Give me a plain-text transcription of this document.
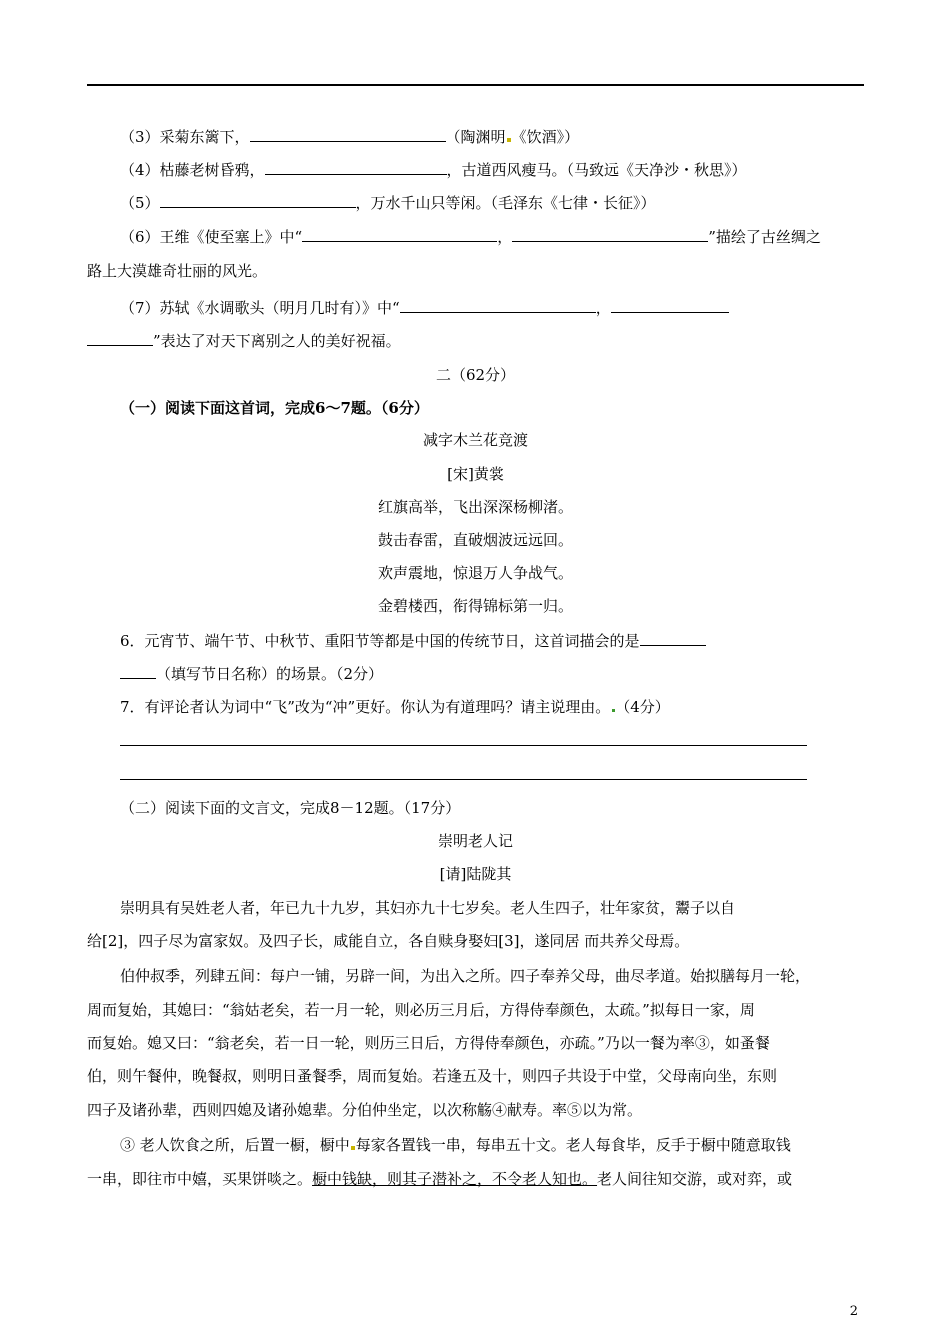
（3）采菊东篱下，	（陶渊明 《饮酒》）
（4）枯藤老树昏鸦，	，古道西风瘦马。（马致远《天净沙・秋思》）
（5）	，万水千山只等闲。（毛泽东《七律・长征》）
（6）王维《使至塞上》中“	，	”描绘了古丝绸之
路上大漠雄奇壮丽的风光。
（7）苏轼《水调歌头（明月几时有）》中“	，
”表达了对天下离别之人的美好祝福。
二（62分）
（一）阅读下面这首词，完成6～7题。（6分）
减字木兰花竞渡
[宋]黄裳
红旗高举，飞出深深杨柳渚。
鼓击春雷，直破烟波远远回。
欢声震地，惊退万人争战气。
金碧楼西，衔得锦标第一归。
6．元宵节、端午节、中秋节、重阳节等都是中国的传统节日，这首词描会的是
（填写节日名称）的场景。（2分）
7．有评论者认为词中“飞”改为“冲”更好。你认为有道理吗？请主说理由。 （4分）
（二）阅读下面的文言文，完成8－12题。（17分）
崇明老人记
[请]陆陇其
崇明具有吴姓老人者，年已九十九岁，其妇亦九十七岁矣。老人生四子，壮年家贫，鬻子以自
给[2]，四子尽为富家奴。及四子长，咸能自立，各自赎身娶妇[3]，遂同居 而共养父母焉。
伯仲叔季，列肆五间：每户一铺，另辟一间，为出入之所。四子奉养父母，曲尽孝道。始拟膳每月一轮，
周而复始，其媳曰：“翁姑老矣，若一月一轮，则必历三月后，方得侍奉颜色，太疏。”拟每日一家，周
而复始。媳又曰：“翁老矣，若一日一轮，则历三日后，方得侍奉颜色，亦疏。”乃以一餐为率③，如蚤餐
伯，则午餐仲，晚餐叔，则明日蚤餐季，周而复始。若逢五及十，则四子共设于中堂，父母南向坐，东则
四子及诸孙辈，西则四媳及诸孙媳辈。分伯仲坐定，以次称觞④献寿。率⑤以为常。
③ 老人饮食之所，后置一橱，橱中 每家各置钱一串，每串五十文。老人每食毕，反手于橱中随意取钱
一串，即往市中嬉，买果饼啖之。橱中钱缺，则其子潜补之，不令老人知也。老人间往知交游，或对弈，或
2
